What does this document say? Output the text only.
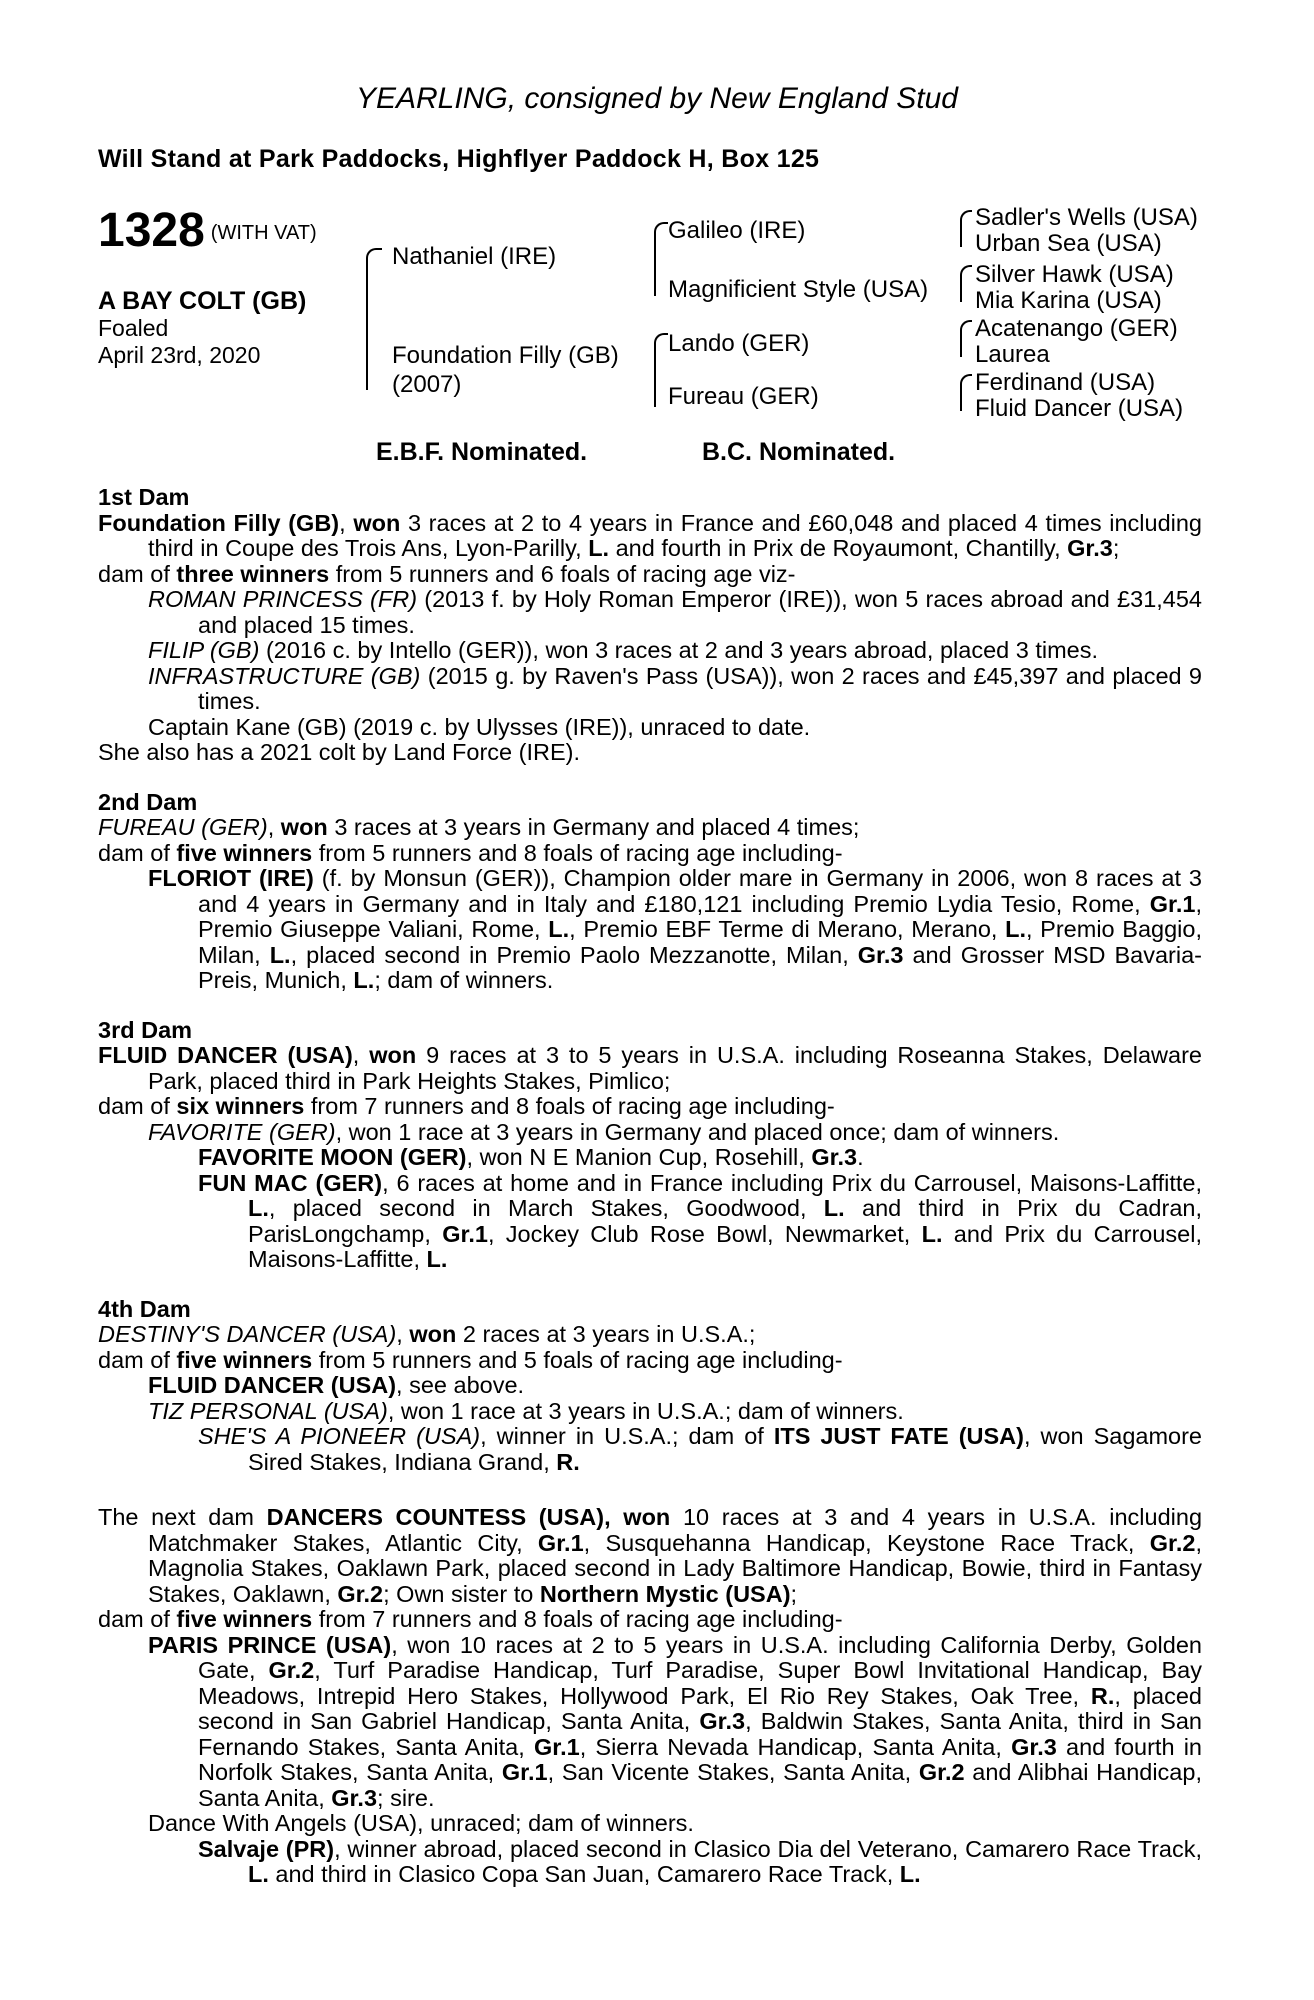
YEARLING, consigned by New England Stud
Will Stand at Park Paddocks, Highflyer Paddock H, Box 125
1328 (WITH VAT)
A BAY COLT (GB)
Foaled
April 23rd, 2020
Nathaniel (IRE)
Foundation Filly (GB)
(2007)
Galileo (IRE)
Magnificient Style (USA)
Lando (GER)
Fureau (GER)
Sadler's Wells (USA)
Urban Sea (USA)
Silver Hawk (USA)
Mia Karina (USA)
Acatenango (GER)
Laurea
Ferdinand (USA)
Fluid Dancer (USA)
E.B.F. Nominated.	B.C. Nominated.

1st Dam

Foundation Filly (GB), won 3 races at 2 to 4 years in France and £60,048 and placed 4 times including third in Coupe des Trois Ans, Lyon-Parilly, L. and fourth in Prix de Royaumont, Chantilly, Gr.3;

dam of three winners from 5 runners and 6 foals of racing age viz-

ROMAN PRINCESS (FR) (2013 f. by Holy Roman Emperor (IRE)), won 5 races abroad and £31,454 and placed 15 times.

FILIP (GB) (2016 c. by Intello (GER)), won 3 races at 2 and 3 years abroad, placed 3 times.

INFRASTRUCTURE (GB) (2015 g. by Raven's Pass (USA)), won 2 races and £45,397 and placed 9 times.

Captain Kane (GB) (2019 c. by Ulysses (IRE)), unraced to date.

She also has a 2021 colt by Land Force (IRE).

2nd Dam

FUREAU (GER), won 3 races at 3 years in Germany and placed 4 times;

dam of five winners from 5 runners and 8 foals of racing age including-

FLORIOT (IRE) (f. by Monsun (GER)), Champion older mare in Germany in 2006, won 8 races at 3 and 4 years in Germany and in Italy and £180,121 including Premio Lydia Tesio, Rome, Gr.1, Premio Giuseppe Valiani, Rome, L., Premio EBF Terme di Merano, Merano, L., Premio Baggio, Milan, L., placed second in Premio Paolo Mezzanotte, Milan, Gr.3 and Grosser MSD Bavaria-Preis, Munich, L.; dam of winners.

3rd Dam

FLUID DANCER (USA), won 9 races at 3 to 5 years in U.S.A. including Roseanna Stakes, Delaware Park, placed third in Park Heights Stakes, Pimlico;

dam of six winners from 7 runners and 8 foals of racing age including-

FAVORITE (GER), won 1 race at 3 years in Germany and placed once; dam of winners.

FAVORITE MOON (GER), won N E Manion Cup, Rosehill, Gr.3.

FUN MAC (GER), 6 races at home and in France including Prix du Carrousel, Maisons-Laffitte, L., placed second in March Stakes, Goodwood, L. and third in Prix du Cadran, ParisLongchamp, Gr.1, Jockey Club Rose Bowl, Newmarket, L. and Prix du Carrousel, Maisons-Laffitte, L.

4th Dam

DESTINY'S DANCER (USA), won 2 races at 3 years in U.S.A.;

dam of five winners from 5 runners and 5 foals of racing age including-

FLUID DANCER (USA), see above.

TIZ PERSONAL (USA), won 1 race at 3 years in U.S.A.; dam of winners.

SHE'S A PIONEER (USA), winner in U.S.A.; dam of ITS JUST FATE (USA), won Sagamore Sired Stakes, Indiana Grand, R.

The next dam DANCERS COUNTESS (USA), won 10 races at 3 and 4 years in U.S.A. including Matchmaker Stakes, Atlantic City, Gr.1, Susquehanna Handicap, Keystone Race Track, Gr.2, Magnolia Stakes, Oaklawn Park, placed second in Lady Baltimore Handicap, Bowie, third in Fantasy Stakes, Oaklawn, Gr.2; Own sister to Northern Mystic (USA);

dam of five winners from 7 runners and 8 foals of racing age including-

PARIS PRINCE (USA), won 10 races at 2 to 5 years in U.S.A. including California Derby, Golden Gate, Gr.2, Turf Paradise Handicap, Turf Paradise, Super Bowl Invitational Handicap, Bay Meadows, Intrepid Hero Stakes, Hollywood Park, El Rio Rey Stakes, Oak Tree, R., placed second in San Gabriel Handicap, Santa Anita, Gr.3, Baldwin Stakes, Santa Anita, third in San Fernando Stakes, Santa Anita, Gr.1, Sierra Nevada Handicap, Santa Anita, Gr.3 and fourth in Norfolk Stakes, Santa Anita, Gr.1, San Vicente Stakes, Santa Anita, Gr.2 and Alibhai Handicap, Santa Anita, Gr.3; sire.

Dance With Angels (USA), unraced; dam of winners.

Salvaje (PR), winner abroad, placed second in Clasico Dia del Veterano, Camarero Race Track, L. and third in Clasico Copa San Juan, Camarero Race Track, L.
